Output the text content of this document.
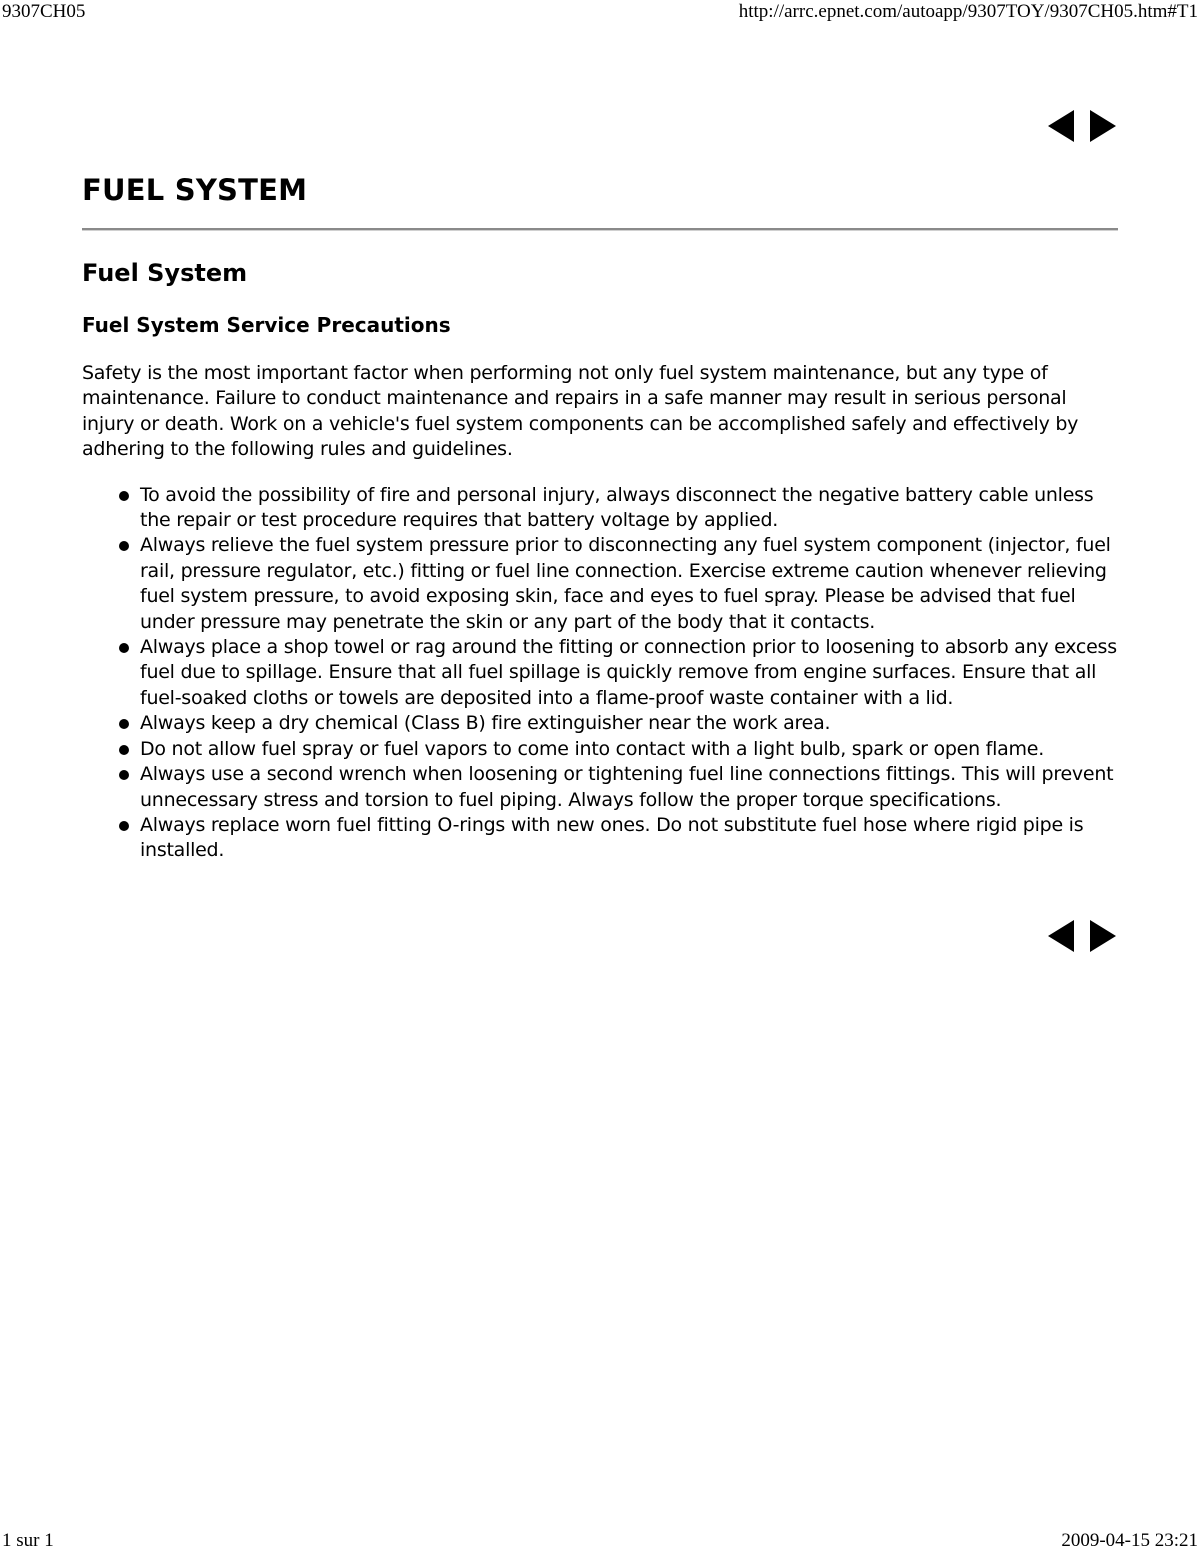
9307CH05	http://arrc.epnet.com/autoapp/9307TOY/9307CH05.htm#T1
FUEL SYSTEM
Fuel System
Fuel System Service Precautions

Safety is the most important factor when performing not only fuel system maintenance, but any type of maintenance. Failure to conduct maintenance and repairs in a safe manner may result in serious personal injury or death. Work on a vehicle's fuel system components can be accomplished safely and effectively by adhering to the following rules and guidelines.

To avoid the possibility of fire and personal injury, always disconnect the negative battery cable unless the repair or test procedure requires that battery voltage by applied.
Always relieve the fuel system pressure prior to disconnecting any fuel system component (injector, fuel rail, pressure regulator, etc.) fitting or fuel line connection. Exercise extreme caution whenever relieving fuel system pressure, to avoid exposing skin, face and eyes to fuel spray. Please be advised that fuel under pressure may penetrate the skin or any part of the body that it contacts.
Always place a shop towel or rag around the fitting or connection prior to loosening to absorb any excess fuel due to spillage. Ensure that all fuel spillage is quickly remove from engine surfaces. Ensure that all fuel-soaked cloths or towels are deposited into a flame-proof waste container with a lid.
Always keep a dry chemical (Class B) fire extinguisher near the work area.
Do not allow fuel spray or fuel vapors to come into contact with a light bulb, spark or open flame.
Always use a second wrench when loosening or tightening fuel line connections fittings. This will prevent unnecessary stress and torsion to fuel piping. Always follow the proper torque specifications.
Always replace worn fuel fitting O-rings with new ones. Do not substitute fuel hose where rigid pipe is installed.
1 sur 1	2009-04-15 23:21
